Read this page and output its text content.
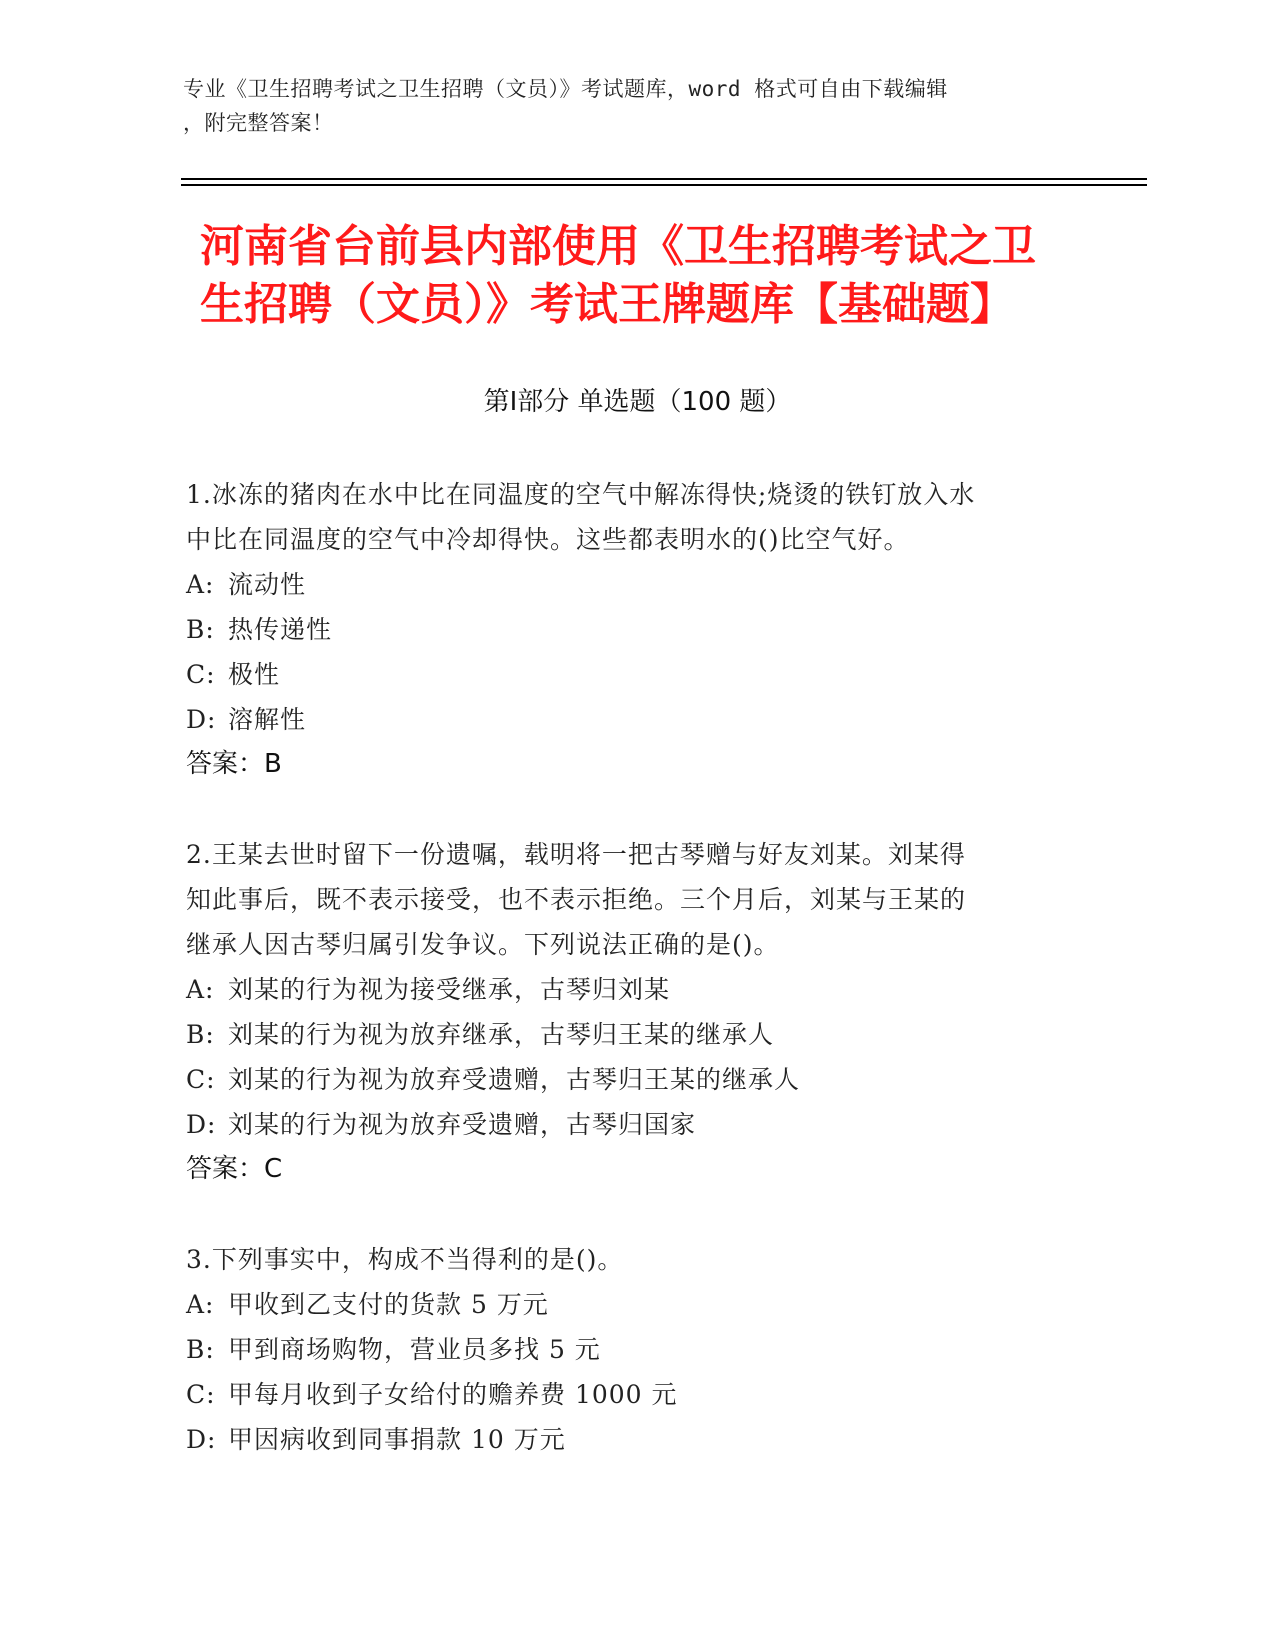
专业《卫生招聘考试之卫生招聘（文员）》考试题库，word 格式可自由下载编辑
，附完整答案！
河南省台前县内部使用《卫生招聘考试之卫
生招聘（文员）》考试王牌题库【基础题】
第Ⅰ部分 单选题（100 题）

1.冰冻的猪肉在水中比在同温度的空气中解冻得快;烧烫的铁钉放入水

中比在同温度的空气中冷却得快。这些都表明水的()比空气好。

A: 流动性

B: 热传递性

C: 极性

D: 溶解性

答案：B

2.王某去世时留下一份遗嘱，载明将一把古琴赠与好友刘某。刘某得

知此事后，既不表示接受，也不表示拒绝。三个月后，刘某与王某的

继承人因古琴归属引发争议。下列说法正确的是()。

A: 刘某的行为视为接受继承，古琴归刘某

B: 刘某的行为视为放弃继承，古琴归王某的继承人

C: 刘某的行为视为放弃受遗赠，古琴归王某的继承人

D: 刘某的行为视为放弃受遗赠，古琴归国家

答案：C

3.下列事实中，构成不当得利的是()。

A: 甲收到乙支付的货款 5 万元

B: 甲到商场购物，营业员多找 5 元

C: 甲每月收到子女给付的赡养费 1000 元

D: 甲因病收到同事捐款 10 万元
